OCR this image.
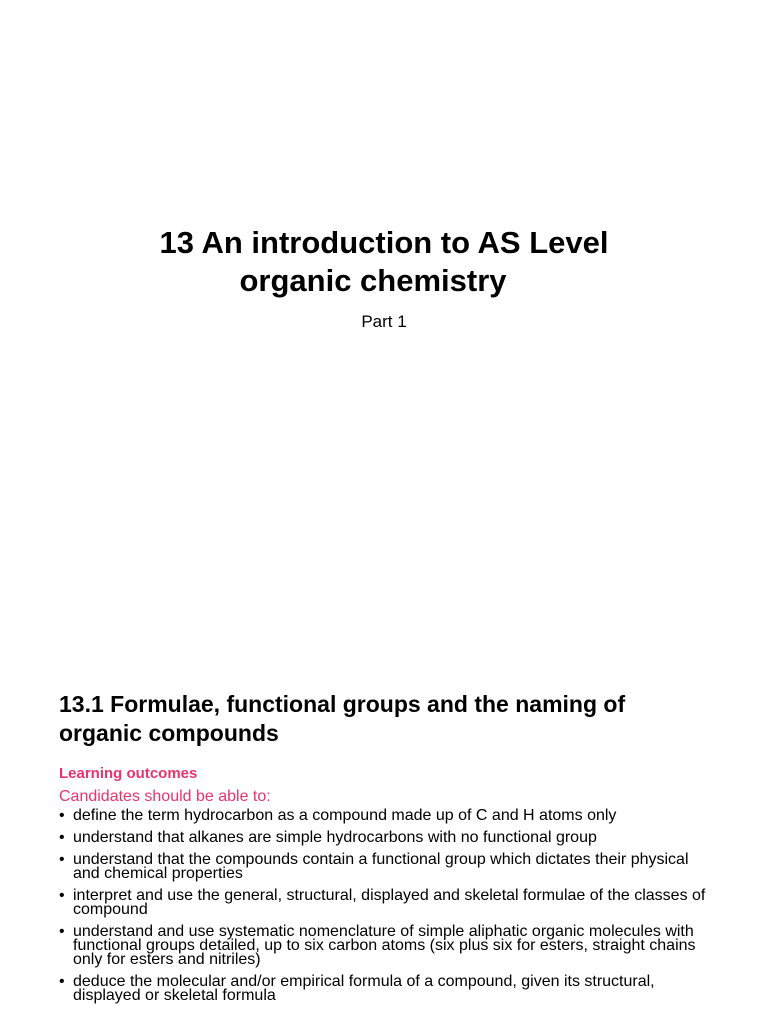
13 An introduction to AS Level

organic chemistry

Part 1

13.1 Formulae, functional groups and the naming of
organic compounds

Learning outcomes

Candidates should be able to:

• define the term hydrocarbon as a compound made up of C and H atoms only
• understand that alkanes are simple hydrocarbons with no functional group
• understand that the compounds contain a functional group which dictates their physical and chemical properties
• interpret and use the general, structural, displayed and skeletal formulae of the classes of compound
• understand and use systematic nomenclature of simple aliphatic organic molecules with functional groups detailed, up to six carbon atoms (six plus six for esters, straight chains only for esters and nitriles)
• deduce the molecular and/or empirical formula of a compound, given its structural, displayed or skeletal formula
